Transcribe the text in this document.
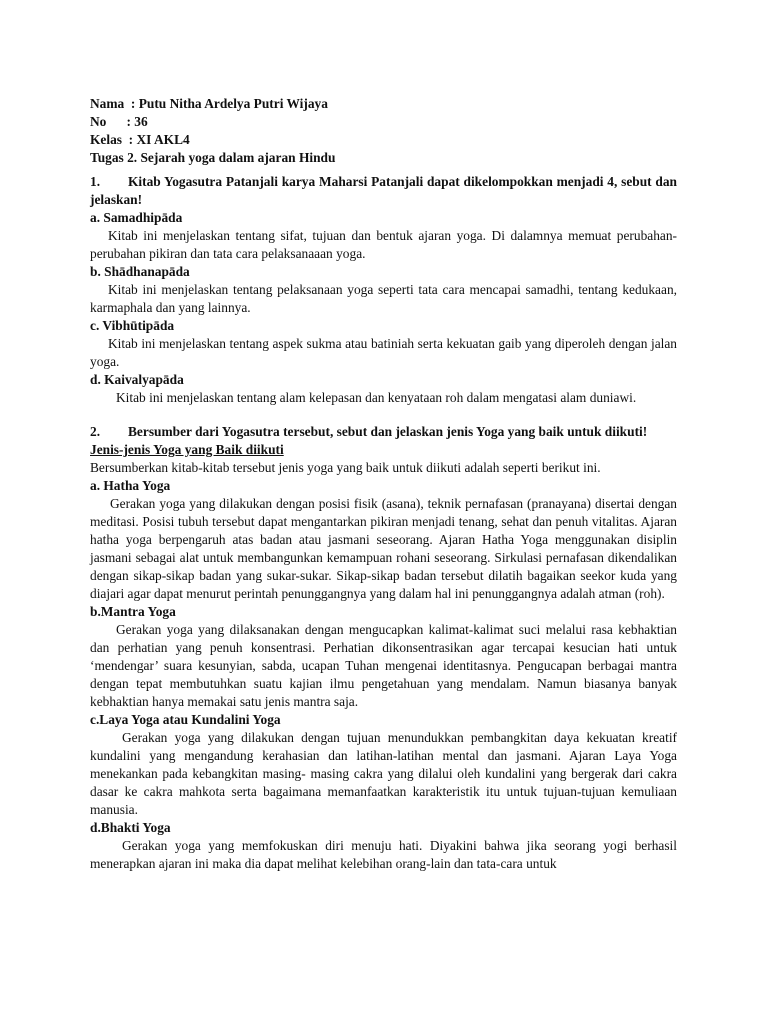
Nama  : Putu Nitha Ardelya Putri Wijaya
No      : 36
Kelas  : XI AKL4
Tugas 2. Sejarah yoga dalam ajaran Hindu
1. Kitab Yogasutra Patanjali karya Maharsi Patanjali dapat dikelompokkan menjadi 4, sebut dan jelaskan!
a. Samadhipāda
Kitab ini menjelaskan tentang sifat, tujuan dan bentuk ajaran yoga. Di dalamnya memuat perubahan-perubahan pikiran dan tata cara pelaksanaaan yoga.
b. Shādhanapāda
Kitab ini menjelaskan tentang pelaksanaan yoga seperti tata cara mencapai samadhi, tentang kedukaan, karmaphala dan yang lainnya.
c. Vibhūtipāda
Kitab ini menjelaskan tentang aspek sukma atau batiniah serta kekuatan gaib yang diperoleh dengan jalan yoga.
d. Kaivalyapāda
Kitab ini menjelaskan tentang alam kelepasan dan kenyataan roh dalam mengatasi alam duniawi.
2. Bersumber dari Yogasutra tersebut, sebut dan jelaskan jenis Yoga yang baik untuk diikuti!
Jenis-jenis Yoga yang Baik diikuti
Bersumberkan kitab-kitab tersebut jenis yoga yang baik untuk diikuti adalah seperti berikut ini.
a. Hatha Yoga
Gerakan yoga yang dilakukan dengan posisi fisik (asana), teknik pernafasan (pranayana) disertai dengan meditasi. Posisi tubuh tersebut dapat mengantarkan pikiran menjadi tenang, sehat dan penuh vitalitas. Ajaran hatha yoga berpengaruh atas badan atau jasmani seseorang. Ajaran Hatha Yoga menggunakan disiplin jasmani sebagai alat untuk membangunkan kemampuan rohani seseorang. Sirkulasi pernafasan dikendalikan dengan sikap-sikap badan yang sukar-sukar. Sikap-sikap badan tersebut dilatih bagaikan seekor kuda yang diajari agar dapat menurut perintah penunggangnya yang dalam hal ini penunggangnya adalah atman (roh).
b.Mantra Yoga
Gerakan yoga yang dilaksanakan dengan mengucapkan kalimat-kalimat suci melalui rasa kebhaktian dan perhatian yang penuh konsentrasi. Perhatian dikonsentrasikan agar tercapai kesucian hati untuk ‘mendengar’ suara kesunyian, sabda, ucapan Tuhan mengenai identitasnya. Pengucapan berbagai mantra dengan tepat membutuhkan suatu kajian ilmu pengetahuan yang mendalam. Namun biasanya banyak kebhaktian hanya memakai satu jenis mantra saja.
c.Laya Yoga atau Kundalini Yoga
Gerakan yoga yang dilakukan dengan tujuan menundukkan pembangkitan daya kekuatan kreatif kundalini yang mengandung kerahasian dan latihan-latihan mental dan jasmani. Ajaran Laya Yoga menekankan pada kebangkitan masing- masing cakra yang dilalui oleh kundalini yang bergerak dari cakra dasar ke cakra mahkota serta bagaimana memanfaatkan karakteristik itu untuk tujuan-tujuan kemuliaan manusia.
d.Bhakti Yoga
Gerakan yoga yang memfokuskan diri menuju hati. Diyakini bahwa jika seorang yogi berhasil menerapkan ajaran ini maka dia dapat melihat kelebihan orang-lain dan tata-cara untuk
